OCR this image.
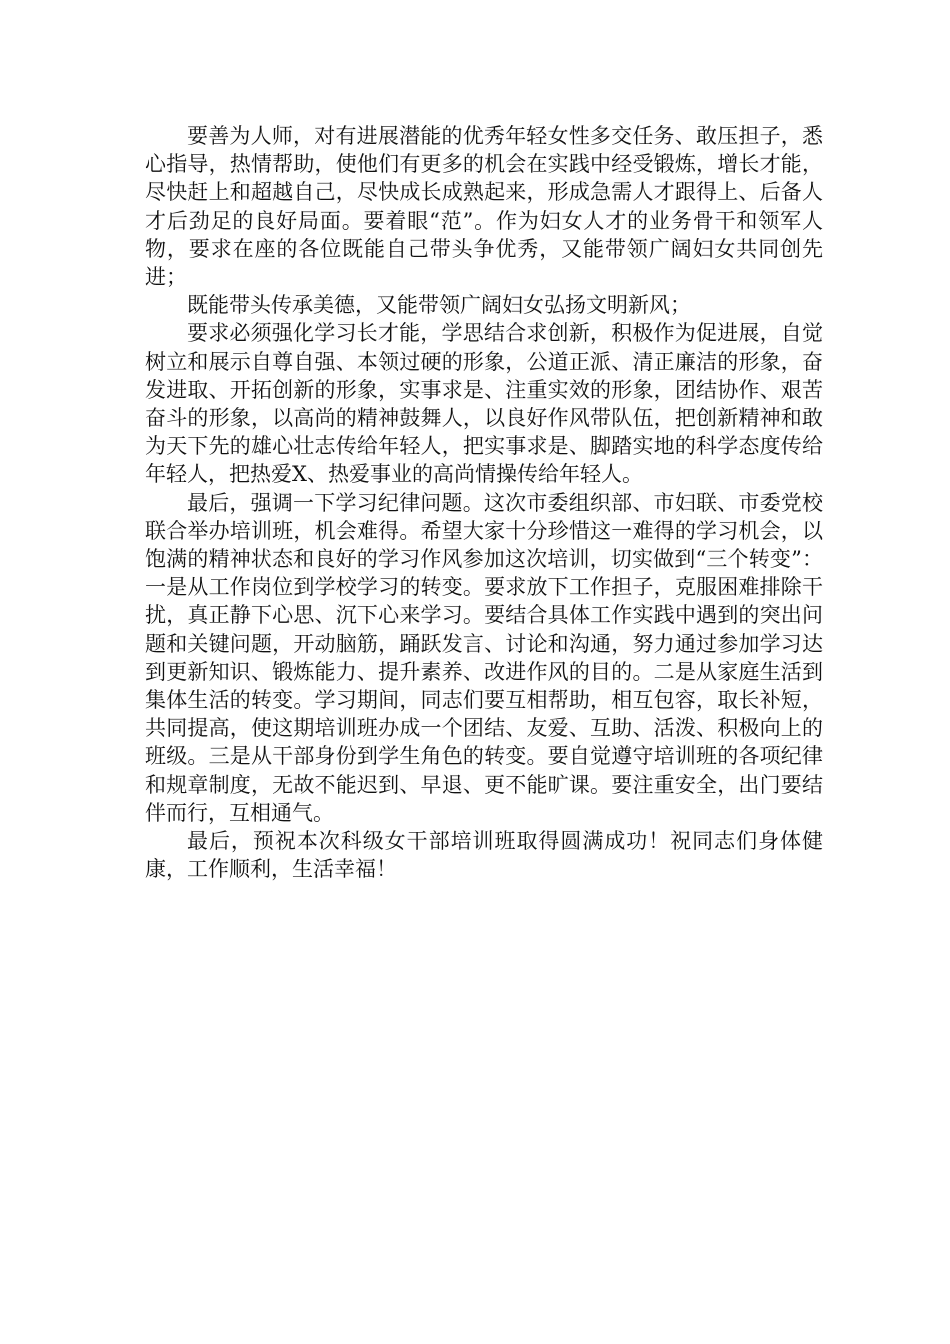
要善为人师，对有进展潜能的优秀年轻女性多交任务、敢压担子，悉心指导，热情帮助，使他们有更多的机会在实践中经受锻炼，增长才能，尽快赶上和超越自己，尽快成长成熟起来，形成急需人才跟得上、后备人才后劲足的良好局面。要着眼“范”。作为妇女人才的业务骨干和领军人物，要求在座的各位既能自己带头争优秀，又能带领广阔妇女共同创先进；

既能带头传承美德，又能带领广阔妇女弘扬文明新风；

要求必须强化学习长才能，学思结合求创新，积极作为促进展，自觉树立和展示自尊自强、本领过硬的形象，公道正派、清正廉洁的形象，奋发进取、开拓创新的形象，实事求是、注重实效的形象，团结协作、艰苦奋斗的形象，以高尚的精神鼓舞人，以良好作风带队伍，把创新精神和敢为天下先的雄心壮志传给年轻人，把实事求是、脚踏实地的科学态度传给年轻人，把热爱X、热爱事业的高尚情操传给年轻人。

最后，强调一下学习纪律问题。这次市委组织部、市妇联、市委党校联合举办培训班，机会难得。希望大家十分珍惜这一难得的学习机会，以饱满的精神状态和良好的学习作风参加这次培训，切实做到“三个转变”：一是从工作岗位到学校学习的转变。要求放下工作担子，克服困难排除干扰，真正静下心思、沉下心来学习。要结合具体工作实践中遇到的突出问题和关键问题，开动脑筋，踊跃发言、讨论和沟通，努力通过参加学习达到更新知识、锻炼能力、提升素养、改进作风的目的。二是从家庭生活到集体生活的转变。学习期间，同志们要互相帮助，相互包容，取长补短，共同提高，使这期培训班办成一个团结、友爱、互助、活泼、积极向上的班级。三是从干部身份到学生角色的转变。要自觉遵守培训班的各项纪律和规章制度，无故不能迟到、早退、更不能旷课。要注重安全，出门要结伴而行，互相通气。

最后，预祝本次科级女干部培训班取得圆满成功！祝同志们身体健康，工作顺利，生活幸福！
